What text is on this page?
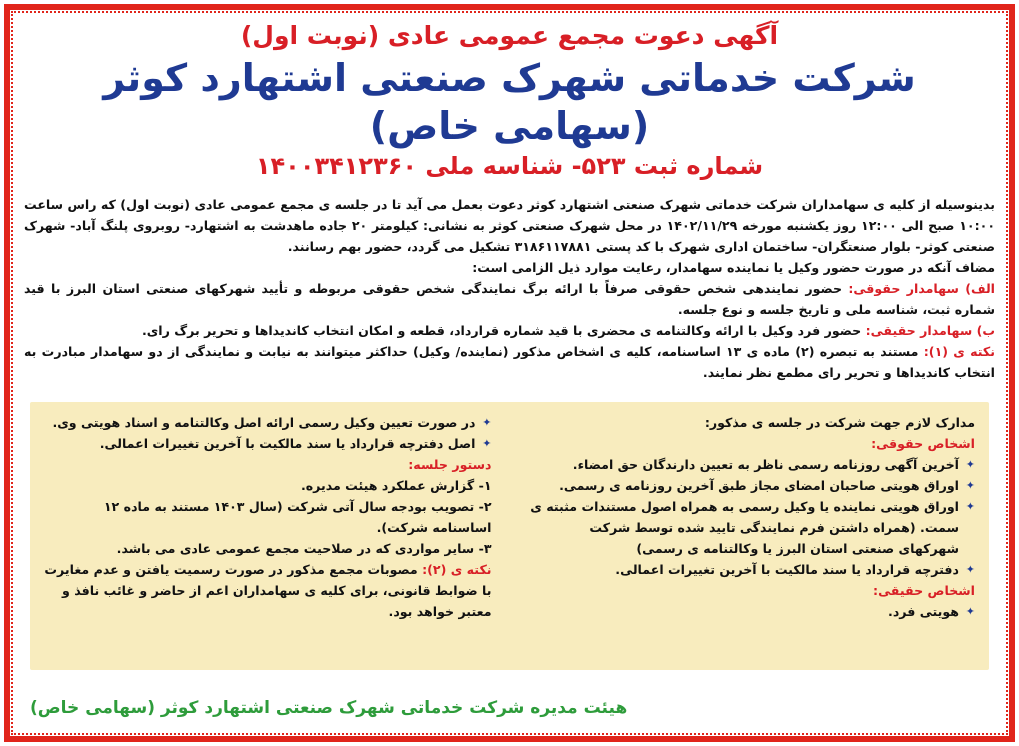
آگهی دعوت مجمع عمومی عادی (نوبت اول)
شرکت خدماتی شهرک صنعتی اشتهارد کوثر (سهامی خاص)
شماره ثبت ۵۲۳- شناسه ملی ۱۴۰۰۳۴۱۲۳۶۰

بدینوسیله از کلیه ی سهامداران شرکت خدماتی شهرک صنعتی اشتهارد کوثر دعوت بعمل می آید تا در جلسه ی مجمع عمومی عادی (نوبت اول) که راس ساعت ۱۰:۰۰ صبح الی ۱۲:۰۰ روز یکشنبه مورخه ۱۴۰۲/۱۱/۲۹ در محل شهرک صنعتی کوثر به نشانی: کیلومتر ۲۰ جاده ماهدشت به اشتهارد- روبروی پلنگ آباد- شهرک صنعتی کوثر- بلوار صنعتگران- ساختمان اداری شهرک با کد پستی ۳۱۸۶۱۱۷۸۸۱ تشکیل می گردد، حضور بهم رسانند.

مضاف آنکه در صورت حضور وکیل یا نماینده سهامدار، رعایت موارد ذیل الزامی است:

الف) سهامدار حقوقی: حضور نمایندهی شخص حقوقی صرفاً با ارائه برگ نمایندگی شخص حقوقی مربوطه و تأیید شهرکهای صنعتی استان البرز با قید شماره ثبت، شناسه ملی و تاریخ جلسه و نوع جلسه.

ب) سهامدار حقیقی: حضور فرد وکیل با ارائه وکالتنامه ی محضری با قید شماره قرارداد، قطعه و امکان انتخاب کاندیداها و تحریر برگ رای.

نکته ی (۱): مستند به تبصره (۲) ماده ی ۱۳ اساسنامه، کلیه ی اشخاص مذکور (نماینده/ وکیل) حداکثر میتوانند به نیابت و نمایندگی از دو سهامدار مبادرت به انتخاب کاندیداها و تحریر رای مطمع نظر نمایند.

مدارک لازم جهت شرکت در جلسه ی مذکور:
اشخاص حقوقی:
✦ آخرین آگهی روزنامه رسمی ناظر به تعیین دارندگان حق امضاء.
✦ اوراق هویتی صاحبان امضای مجاز طبق آخرین روزنامه ی رسمی.
✦ اوراق هویتی نماینده یا وکیل رسمی به همراه اصول مستندات مثبته ی سمت. (همراه داشتن فرم نمایندگی تایید شده توسط شرکت شهرکهای صنعتی استان البرز یا وکالتنامه ی رسمی)
✦ دفترچه قرارداد یا سند مالکیت با آخرین تغییرات اعمالی.
اشخاص حقیقی:
✦ هویتی فرد.
✦ در صورت تعیین وکیل رسمی ارائه اصل وکالتنامه و اسناد هویتی وی.
✦ اصل دفترچه قرارداد یا سند مالکیت با آخرین تغییرات اعمالی.
دستور جلسه:
۱- گزارش عملکرد هیئت مدیره.
۲- تصویب بودجه سال آتی شرکت (سال ۱۴۰۳ مستند به ماده ۱۲ اساسنامه شرکت).
۳- سایر مواردی که در صلاحیت مجمع عمومی عادی می باشد.
نکته ی (۲): مصوبات مجمع مذکور در صورت رسمیت یافتن و عدم مغایرت با ضوابط قانونی، برای کلیه ی سهامداران اعم از حاضر و غائب نافذ و معتبر خواهد بود.
هیئت مدیره شرکت خدماتی شهرک صنعتی اشتهارد کوثر (سهامی خاص)
